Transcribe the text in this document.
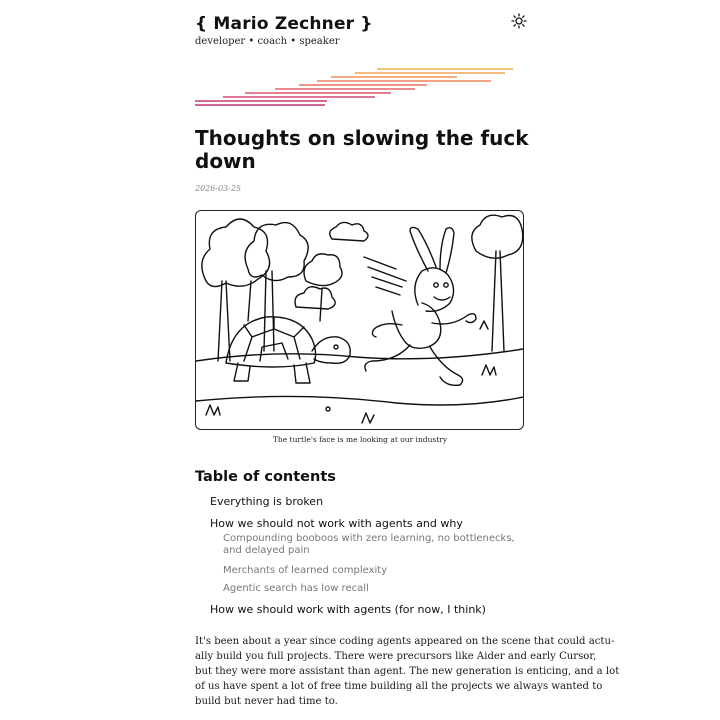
{ Mario Zechner }
developer • coach • speaker
Thoughts on slowing the fuck down
2026-03-25
The turtle's face is me looking at our industry
Table of contents
Everything is broken
How we should not work with agents and why
Compounding booboos with zero learning, no bottlenecks, and delayed pain
Merchants of learned complexity
Agentic search has low recall
How we should work with agents (for now, I think)

It's been about a year since coding agents appeared on the scene that could actu-
ally build you full projects. There were precursors like Aider and early Cursor,
but they were more assistant than agent. The new generation is enticing, and a lot
of us have spent a lot of free time building all the projects we always wanted to
build but never had time to.
